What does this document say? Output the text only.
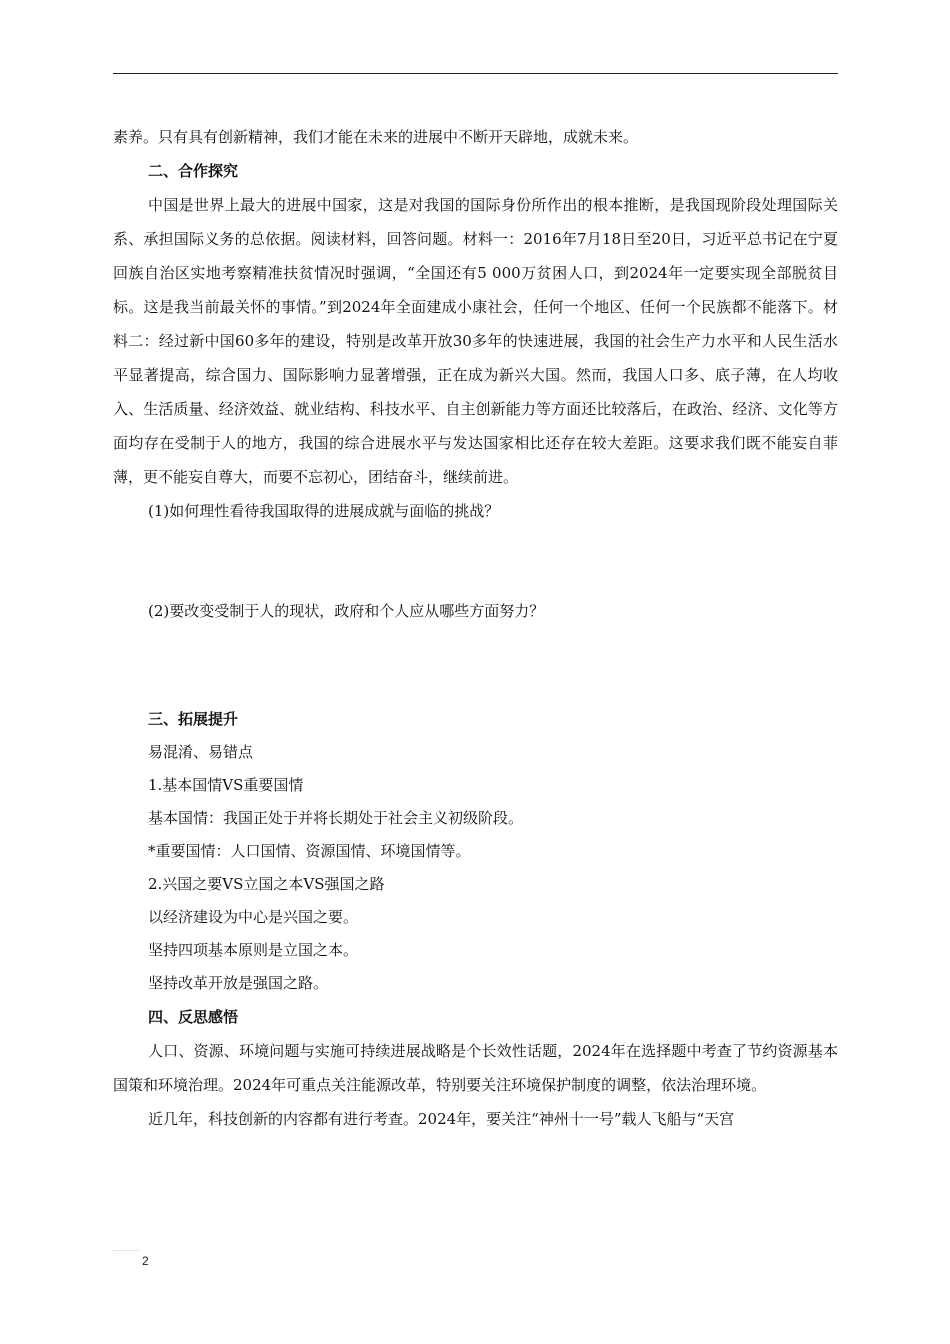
素养。只有具有创新精神，我们才能在未来的进展中不断开天辟地，成就未来。
二、合作探究

中国是世界上最大的进展中国家，这是对我国的国际身份所作出的根本推断，是我国现阶段处理国际关系、承担国际义务的总依据。阅读材料，回答问题。材料一：2016年7月18日至20日，习近平总书记在宁夏回族自治区实地考察精准扶贫情况时强调，“全国还有5 000万贫困人口，到2024年一定要实现全部脱贫目标。这是我当前最关怀的事情。”到2024年全面建成小康社会，任何一个地区、任何一个民族都不能落下。材料二：经过新中国60多年的建设，特别是改革开放30多年的快速进展，我国的社会生产力水平和人民生活水平显著提高，综合国力、国际影响力显著增强，正在成为新兴大国。然而，我国人口多、底子薄，在人均收入、生活质量、经济效益、就业结构、科技水平、自主创新能力等方面还比较落后，在政治、经济、文化等方面均存在受制于人的地方，我国的综合进展水平与发达国家相比还存在较大差距。这要求我们既不能妄自菲薄，更不能妄自尊大，而要不忘初心，团结奋斗，继续前进。

(1)如何理性看待我国取得的进展成就与面临的挑战？
(2)要改变受制于人的现状，政府和个人应从哪些方面努力？
三、拓展提升
易混淆、易错点
1.基本国情VS重要国情
基本国情：我国正处于并将长期处于社会主义初级阶段。
*重要国情：人口国情、资源国情、环境国情等。
2.兴国之要VS立国之本VS强国之路
以经济建设为中心是兴国之要。
坚持四项基本原则是立国之本。
坚持改革开放是强国之路。
四、反思感悟

人口、资源、环境问题与实施可持续进展战略是个长效性话题，2024年在选择题中考查了节约资源基本国策和环境治理。2024年可重点关注能源改革，特别要关注环境保护制度的调整，依法治理环境。

近几年，科技创新的内容都有进行考查。2024年，要关注“神州十一号”载人飞船与“天宫

2
